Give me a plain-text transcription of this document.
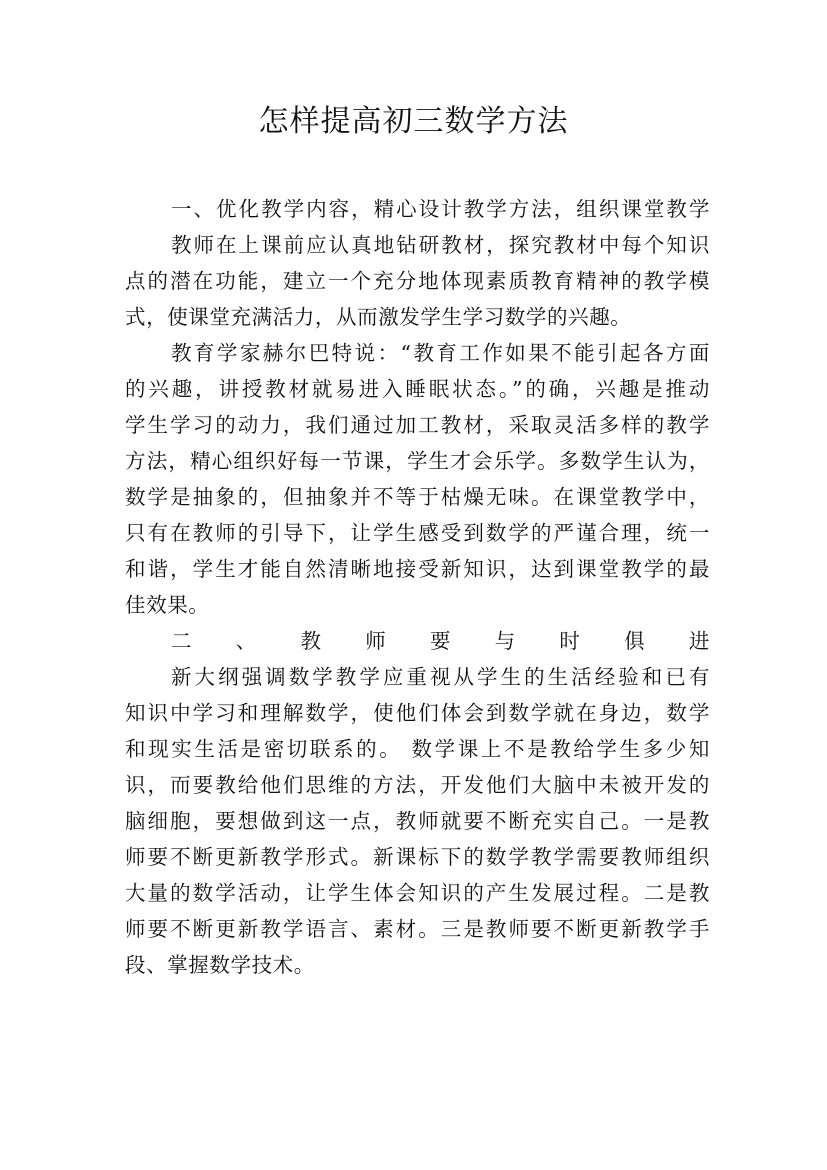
怎样提高初三数学方法
一、优化教学内容，精心设计教学方法，组织课堂教学
教师在上课前应认真地钻研教材，探究教材中每个知识
点的潜在功能，建立一个充分地体现素质教育精神的教学模
式，使课堂充满活力，从而激发学生学习数学的兴趣。
教育学家赫尔巴特说：“教育工作如果不能引起各方面
的兴趣，讲授教材就易进入睡眠状态。”的确，兴趣是推动
学生学习的动力，我们通过加工教材，采取灵活多样的教学
方法，精心组织好每一节课，学生才会乐学。多数学生认为，
数学是抽象的，但抽象并不等于枯燥无味。在课堂教学中，
只有在教师的引导下，让学生感受到数学的严谨合理，统一
和谐，学生才能自然清晰地接受新知识，达到课堂教学的最
佳效果。
二、教师要与时俱进
新大纲强调数学教学应重视从学生的生活经验和已有
知识中学习和理解数学，使他们体会到数学就在身边，数学
和现实生活是密切联系的。 数学课上不是教给学生多少知
识，而要教给他们思维的方法，开发他们大脑中未被开发的
脑细胞，要想做到这一点，教师就要不断充实自己。一是教
师要不断更新教学形式。新课标下的数学教学需要教师组织
大量的数学活动，让学生体会知识的产生发展过程。二是教
师要不断更新教学语言、素材。三是教师要不断更新教学手
段、掌握数学技术。
